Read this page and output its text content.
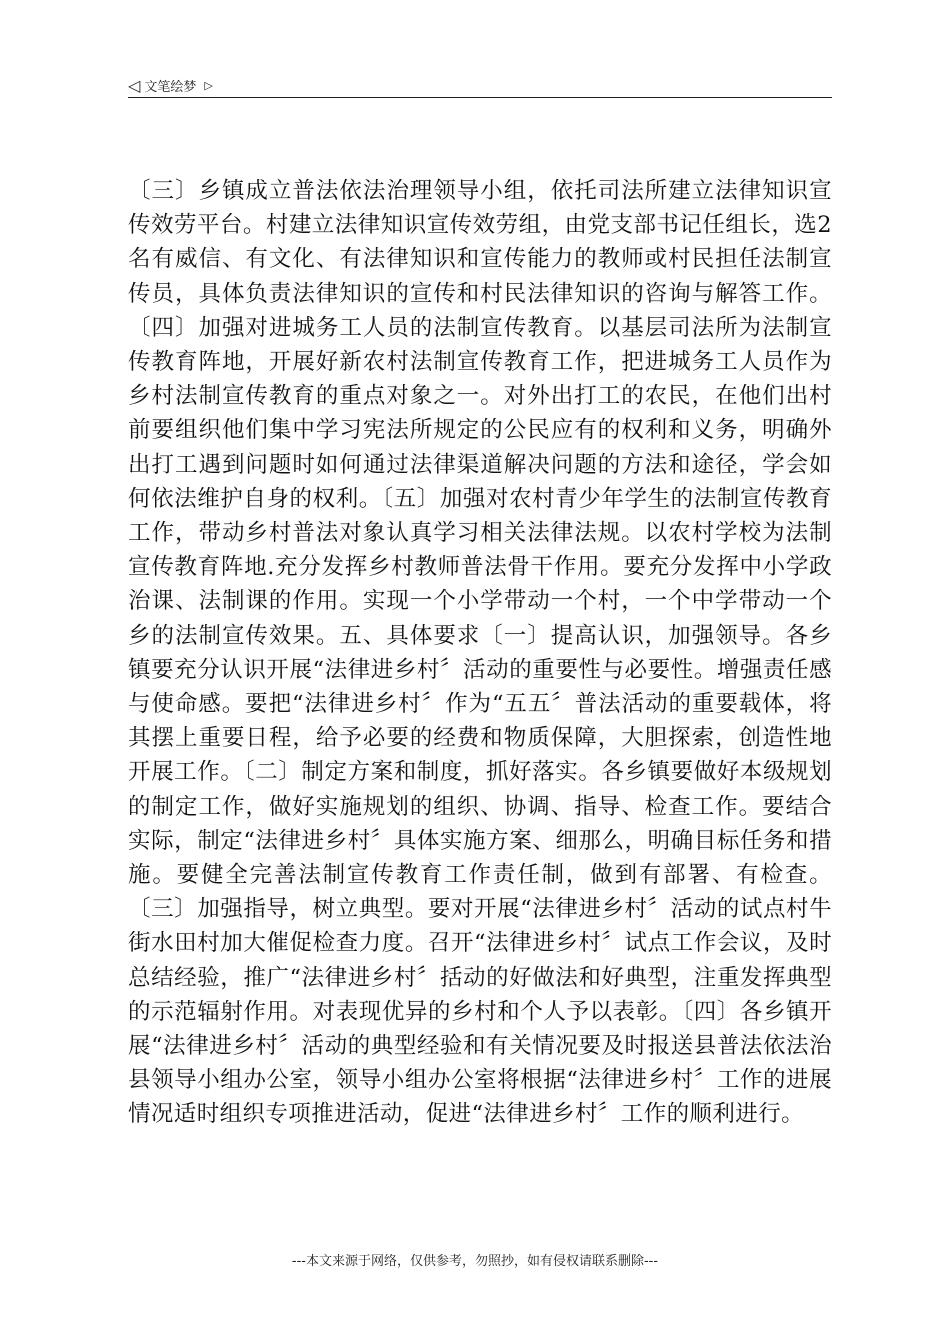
◁ 文笔绘梦 ▷

〔三〕乡镇成立普法依法治理领导小组，依托司法所建立法律知识宣传效劳平台。村建立法律知识宣传效劳组，由党支部书记任组长，选2名有威信、有文化、有法律知识和宣传能力的教师或村民担任法制宣传员，具体负责法律知识的宣传和村民法律知识的咨询与解答工作。〔四〕加强对进城务工人员的法制宣传教育。以基层司法所为法制宣传教育阵地，开展好新农村法制宣传教育工作，把进城务工人员作为乡村法制宣传教育的重点对象之一。对外出打工的农民，在他们出村前要组织他们集中学习宪法所规定的公民应有的权利和义务，明确外出打工遇到问题时如何通过法律渠道解决问题的方法和途径，学会如何依法维护自身的权利。〔五〕加强对农村青少年学生的法制宣传教育工作，带动乡村普法对象认真学习相关法律法规。以农村学校为法制宣传教育阵地.充分发挥乡村教师普法骨干作用。要充分发挥中小学政治课、法制课的作用。实现一个小学带动一个村，一个中学带动一个乡的法制宣传效果。五、具体要求〔一〕提高认识，加强领导。各乡镇要充分认识开展“法律进乡村〞活动的重要性与必要性。增强责任感与使命感。要把“法律进乡村〞作为“五五〞普法活动的重要载体，将其摆上重要日程，给予必要的经费和物质保障，大胆探索，创造性地开展工作。〔二〕制定方案和制度，抓好落实。各乡镇要做好本级规划的制定工作，做好实施规划的组织、协调、指导、检查工作。要结合实际，制定“法律进乡村〞具体实施方案、细那么，明确目标任务和措施。要健全完善法制宣传教育工作责任制，做到有部署、有检查。〔三〕加强指导，树立典型。要对开展“法律进乡村〞活动的试点村牛街水田村加大催促检查力度。召开“法律进乡村〞试点工作会议，及时总结经验，推广“法律进乡村〞括动的好做法和好典型，注重发挥典型的示范辐射作用。对表现优异的乡村和个人予以表彰。〔四〕各乡镇开展“法律进乡村〞活动的典型经验和有关情况要及时报送县普法依法治县领导小组办公室，领导小组办公室将根据“法律进乡村〞工作的进展情况适时组织专项推进活动，促进“法律进乡村〞工作的顺利进行。

---本文来源于网络，仅供参考，勿照抄，如有侵权请联系删除---
